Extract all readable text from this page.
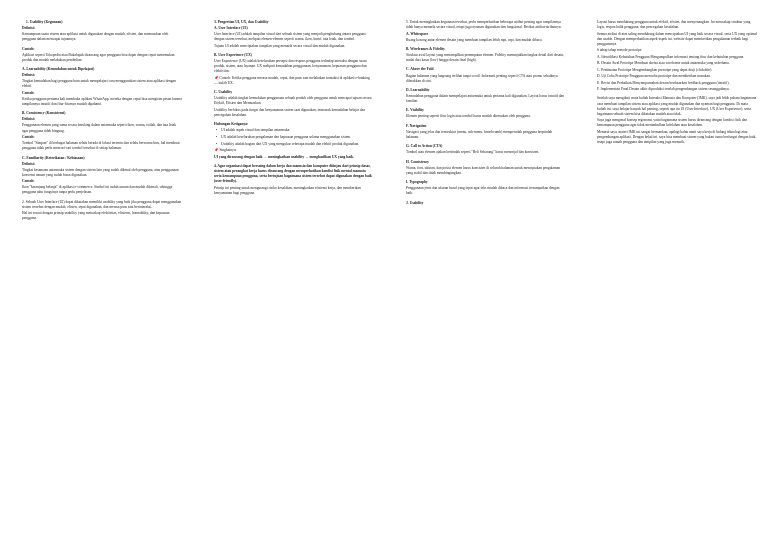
1. Usability (Kegunaan)
Definisi:
Kemampuan suatu sistem atau aplikasi untuk digunakan dengan mudah, efisien, dan memuaskan oleh pengguna dalam mencapai tujuannya.
Contoh:
Aplikasi seperti Tokopedia atau Bukalapak dirancang agar pengguna bisa dapat dengan cepat menemukan produk dan mudah melakukan pembelian.
A. Learnability (Kemudahan untuk Dipelajari)
Definisi:
Tingkat kemudahan bagi pengguna baru untuk mempelajari cara menggunakan sistem atau aplikasi dengan efektif.
Contoh:
Ketika pengguna pertama kali membuka aplikasi WhatsApp, mereka dengan cepat bisa mengirim pesan karena tampilannya intuitif dan fitur-fiturnya mudah dipahami.
B. Consistency (Konsistensi)
Definisi:
Penggunaan elemen yang sama secara berulang dalam antarmuka seperti ikon, warna, istilah, dan tata letak agar pengguna tidak bingung.
Contoh:
Tombol "Simpan" di berbagai halaman selalu berada di lokasi tertentu dan selalu berwarna biru, hal membuat pengguna tidak perlu mencari-cari tombol tersebut di setiap halaman.
C. Familiarity (Keterikatan / Kebiasaan)
Definisi:
Tingkat kesamaan antarmuka sistem dengan sistem lain yang sudah dikenal oleh pengguna, atau penggunaan konvensi umum yang sudah biasa digunakan.
Contoh:
Ikon "keranjang belanja" di aplikasi e-commerce. Simbol ini sudah umum dan mudah dikenali, sehingga pengguna tahu fungsinya tanpa perlu penjelasan.
2. Sebuah User Interface (UI) dapat dikatakan memiliki usability yang baik jika pengguna dapat menggunakan sistem tersebut dengan mudah, efisien, tepat digunakan, dan merasa puas saat berinteraksi.
Hal ini sesuai dengan prinsip usability yang mencakup efektivitas, efisiensi, learnability, dan kepuasan pengguna.
3. Pengertian UI, UX, dan Usability
A. User Interface (UI)
User Interface (UI) adalah tampilan visual dari sebuah sistem yang menjadi penghubung antara pengguna dengan sistem tersebut, meliputi elemen-elemen seperti warna, ikon, huruf, tata letak, dan tombol.
Tujuan UI adalah menciptakan tampilan yang menarik secara visual dan mudah digunakan.
B. User Experience (UX)
User Experience (UX) adalah keseluruhan persepsi dan respons pengguna terhadap interaksi dengan suatu produk, sistem, atau layanan. UX meliputi kemudahan penggunaan, kenyamanan, kepuasan pengguna dan efektivitas.
📌 Contoh: Ketika pengguna merasa mudah, cepat, dan puas saat melakukan transaksi di aplikasi e-banking — itulah UX.
C. Usability
Usability adalah tingkat kemudahan penggunaan sebuah produk oleh pengguna untuk mencapai tujuan secara Efektif, Efisien dan Memuaskan.
Usability berfokus pada fungsi dan kenyamanan sistem saat digunakan, termasuk kemudahan belajar dan pencegahan kesalahan.
Hubungan Ketiganya:
• UI adalah aspek visual dan tampilan antarmuka.
• UX adalah keseluruhan pengalaman dan kepuasan pengguna selama menggunakan sistem.
• Usability adalah bagian dari UX yang mengukur seberapa mudah dan efektif produk digunakan.
📌 Singkatnya:
UI yang dirancang dengan baik → meningkatkan usability → menghasilkan UX yang baik.
4. Agar organisasi dapat bersaing dalam kerja dan manusia dan komputer ditinjau dari prinsip dasar, sistem atau perangkat kerja harus dirancang dengan memperhatikan kondisi fisik mental manusia serta kemampuan pengguna, serta bertujuan bagaimana sistem tersebut dapat digunakan dengan baik (user-friendly).
Prinsip ini penting untuk mengurangi risiko kesalahan, meningkatkan efisiensi kerja, dan memberikan kenyamanan bagi pengguna.
5. Untuk meningkatkan kegunaan tersebut, perlu memperhatikan beberapa atribut penting agar tampilannya tidak hanya menarik secara visual, tetapi juga nyaman digunakan dan fungsional. Berikut atribut-atributnya:
A. Whitespace
Ruang kosong antar elemen desain yang membuat tampilan lebih rapi, rapi, dan mudah dibaca.
B. Wireframes & Fidelity
Struktur awal layout yang menampilkan penempatan elemen. Fidelity menunjukkan tingkat detail dari desain, mulai dari kasar (low) hingga desain final (high).
C. Above the Fold
Bagian halaman yang langsung terlihat tanpa scroll. Informasi penting seperti CTA atau promo sebaiknya diletakkan di sini.
D. Learnability
Kemudahan pengguna dalam mempelajari antarmuka untuk pertama kali digunakan. Layout harus intuitif dan familiar.
E. Visibility
Elemen penting seperti fitur login atau tombol harus mudah ditemukan oleh pengguna.
F. Navigation
Navigasi yang jelas dan terstruktur (menu, sub-menu, breadcrumb) memperudah pengguna berpindah halaman.
G. Call to Action (CTA)
Tombol atau elemen ajakan bertindak seperti "Beli Sekarang" harus menonjol dan konsisten.
H. Consistency
Warna, font, ukuran, dan posisi elemen harus konsisten di seluruh halaman untuk menciptakan pengalaman yang stabil dan tidak membingungkan.
I. Typography
Penggunaan jenis dan ukuran huruf yang tepat agar teks mudah dibaca dan informasi tersampaikan dengan baik.
J. Usability
Layout harus mendukung pengguna untuk efektif, efisien, dan menyenangkan. Ini mencakup struktur yang logis, respon balik pengguna, dan pencegahan kesalahan.
Semua atribut di atas saling mendukung dalam menciptakan UI yang baik secara visual, serta UX yang optimal dan usable. Dengan memperhatikan aspek-aspek ini, website dapat memberikan pengalaman terbaik bagi penggunanya.
6 tahap tahap metode prototipe
A. Identifikasi Kebutuhan Pengguna Mengumpulkan informasi tentang fitur dan kebutuhan pengguna.
B. Desain Awal Prototipe Membuat sketsa atau wireframe untuk antarmuka yang sederhana.
C. Pembuatan Prototipe Mengembangkan prototipe yang dapat diuji (clickable).
D. Uji Coba Prototipe Pengguna mencoba prototipe dan memberikan masukan.
E. Revisi dan Perbaikan Menyempurnakan desain berdasarkan feedback pengguna (iteratif).
F. Implementasi Final Desain akhir diproduksi setelah pengembangan sistem sesungguhnya.
Setelah saya mengikuti mata kuliah Interaksi Manusia dan Komputer (IMK), saya jadi lebih paham bagaimana cara membuat tampilan sistem atau aplikasi yang mudah digunakan dan nyaman bagi pengguna. Di mata kuliah ini, saya belajar banyak hal penting, seperti apa itu UI (User Interface), UX (User Experience), serta bagaimana sebuah sistem bisa dikatakan mudah atau tidak.
Saya juga mengenal konsep ergonomi, yaitu bagaimana sistem harus dirancang dengan kondisi fisik dan kemampuan pengguna agar tidak menimbulkan kelelahan atau kesalahan.
Menurut saya, materi IMK ini sangat bermanfaat, apalagi kalau nanti saya kerja di bidang teknologi atau pengembangan aplikasi. Dengan bekal ini, saya bisa membuat sistem yang bukan cuma berfungsi dengan baik, tetapi juga ramah pengguna dan tampilan yang juga menarik.
